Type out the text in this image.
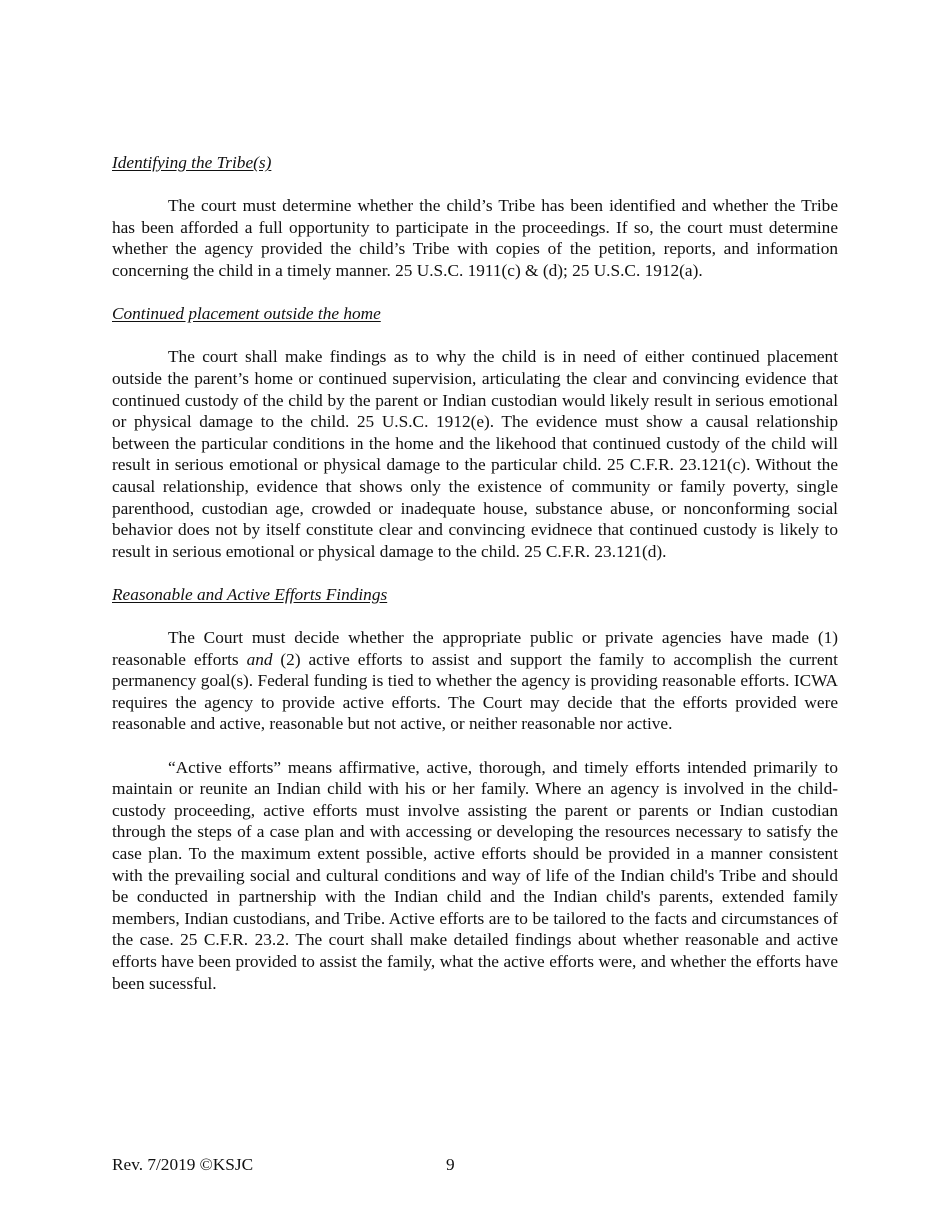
Identifying the Tribe(s)

The court must determine whether the child’s Tribe has been identified and whether the Tribe has been afforded a full opportunity to participate in the proceedings. If so, the court must determine whether the agency provided the child’s Tribe with copies of the petition, reports, and information concerning the child in a timely manner. 25 U.S.C. 1911(c) & (d); 25 U.S.C. 1912(a).

Continued placement outside the home

The court shall make findings as to why the child is in need of either continued placement outside the parent’s home or continued supervision, articulating the clear and convincing evidence that continued custody of the child by the parent or Indian custodian would likely result in serious emotional or physical damage to the child. 25 U.S.C. 1912(e). The evidence must show a causal relationship between the particular conditions in the home and the likehood that continued custody of the child will result in serious emotional or physical damage to the particular child. 25 C.F.R. 23.121(c). Without the causal relationship, evidence that shows only the existence of community or family poverty, single parenthood, custodian age, crowded or inadequate house, substance abuse, or nonconforming social behavior does not by itself constitute clear and convincing evidnece that continued custody is likely to result in serious emotional or physical damage to the child. 25 C.F.R. 23.121(d).

Reasonable and Active Efforts Findings

The Court must decide whether the appropriate public or private agencies have made (1) reasonable efforts and (2) active efforts to assist and support the family to accomplish the current permanency goal(s). Federal funding is tied to whether the agency is providing reasonable efforts. ICWA requires the agency to provide active efforts. The Court may decide that the efforts provided were reasonable and active, reasonable but not active, or neither reasonable nor active.

“Active efforts” means affirmative, active, thorough, and timely efforts intended primarily to maintain or reunite an Indian child with his or her family. Where an agency is involved in the child-custody proceeding, active efforts must involve assisting the parent or parents or Indian custodian through the steps of a case plan and with accessing or developing the resources necessary to satisfy the case plan. To the maximum extent possible, active efforts should be provided in a manner consistent with the prevailing social and cultural conditions and way of life of the Indian child's Tribe and should be conducted in partnership with the Indian child and the Indian child's parents, extended family members, Indian custodians, and Tribe. Active efforts are to be tailored to the facts and circumstances of the case. 25 C.F.R. 23.2. The court shall make detailed findings about whether reasonable and active efforts have been provided to assist the family, what the active efforts were, and whether the efforts have been sucessful.

Rev. 7/2019 ©KSJC	9
